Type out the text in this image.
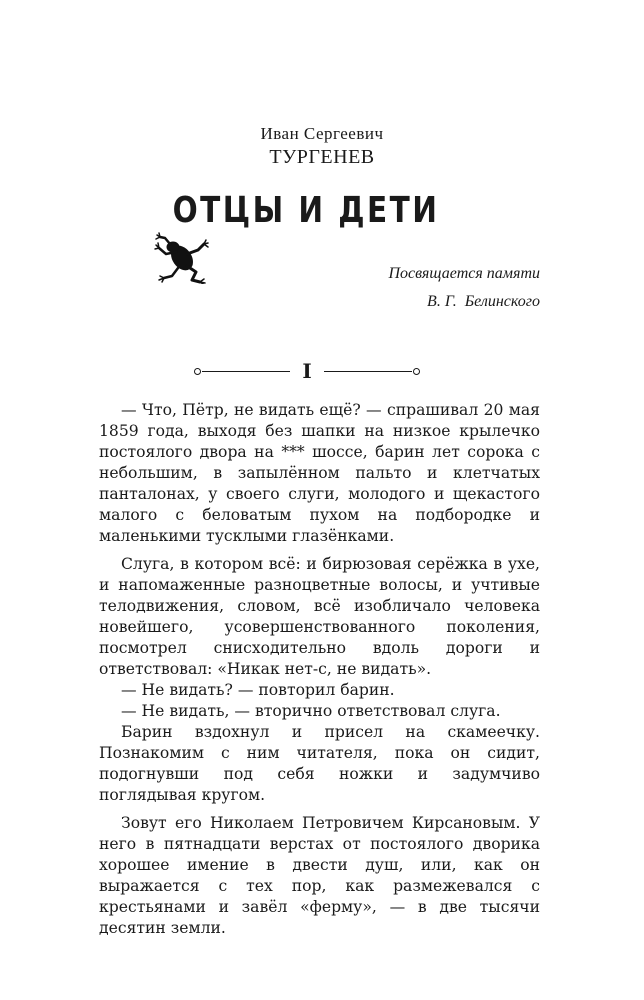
Иван Сергеевич
ТУРГЕНЕВ
ОТЦЫ И ДЕТИ
Посвящается памяти
В. Г.  Белинского
I

— Что, Пётр, не видать ещё? — спрашивал 20 мая 1859 года, выходя без шапки на низкое крылечко постоялого двора на *** шоссе, барин лет сорока с небольшим, в запылённом пальто и клетчатых панталонах, у своего слуги, молодого и щекастого малого с беловатым пухом на подбородке и маленькими тусклыми глазёнками.

Слуга, в котором всё: и бирюзовая серёжка в ухе, и напомаженные разноцветные волосы, и учтивые телодвижения, словом, всё изобличало человека новейшего, усовершенствованного поколения, посмотрел снисходительно вдоль дороги и ответствовал: «Никак нет-с, не видать».

— Не видать? — повторил барин.

— Не видать, — вторично ответствовал слуга.

Барин вздохнул и присел на скамеечку. Познакомим с ним читателя, пока он сидит, подогнувши под себя ножки и задумчиво поглядывая кругом.

Зовут его Николаем Петровичем Кирсановым. У него в пятнадцати верстах от постоялого дворика хорошее имение в двести душ, или, как он выражается с тех пор, как размежевался с крестьянами и завёл «ферму», — в две тысячи десятин земли.
